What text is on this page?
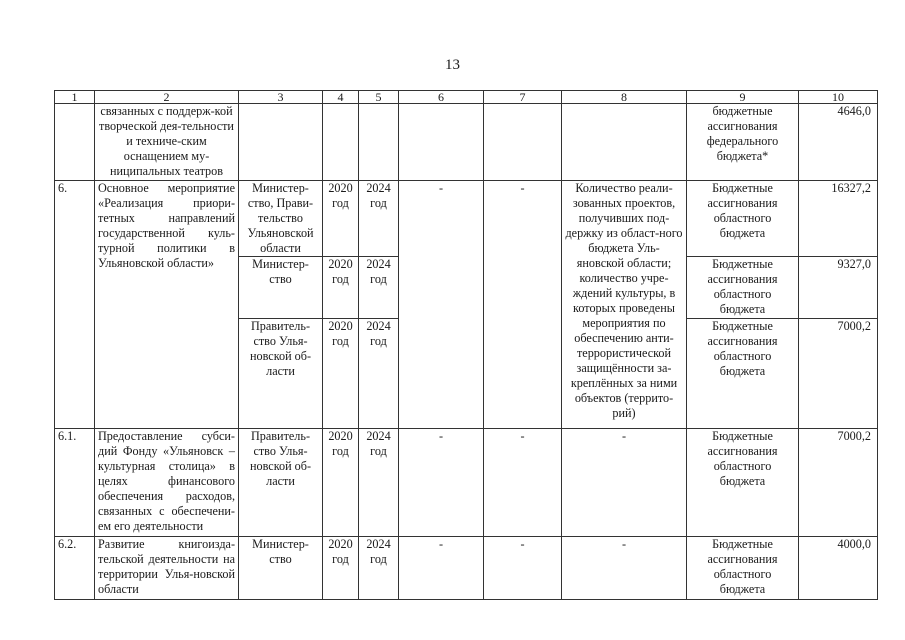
13
1	2	3	4	5	6	7	8	9	10
	связанных с поддерж-кой творческой дея-тельности и техниче-ским оснащением му-ниципальных театров							бюджетные ассигнования федерального бюджета*	4646,0
6.	Основное мероприятие «Реализация приори-тетных направлений государственной куль-турной политики в Ульяновской области»	Министер-ство, Прави-тельство Ульяновской области	2020 год	2024 год	-	-	Количество реали-зованных проектов, получивших под-держку из област-ного бюджета Уль-яновской области; количество учре-ждений культуры, в которых проведены мероприятия по обеспечению анти-террористической защищённости за-креплённых за ними объектов (террито-рий)	Бюджетные ассигнования областного бюджета	16327,2
		Министер-ство	2020 год	2024 год				Бюджетные ассигнования областного бюджета	9327,0
		Правитель-ство Улья-новской об-ласти	2020 год	2024 год				Бюджетные ассигнования областного бюджета	7000,2
6.1.	Предоставление субси-дий Фонду «Ульяновск – культурная столица» в целях финансового обеспечения расходов, связанных с обеспечени-ем его деятельности	Правитель-ство Улья-новской об-ласти	2020 год	2024 год	-	-	-	Бюджетные ассигнования областного бюджета	7000,2
6.2.	Развитие книгоизда-тельской деятельности на территории Улья-новской области	Министер-ство	2020 год	2024 год	-	-	-	Бюджетные ассигнования областного бюджета	4000,0
